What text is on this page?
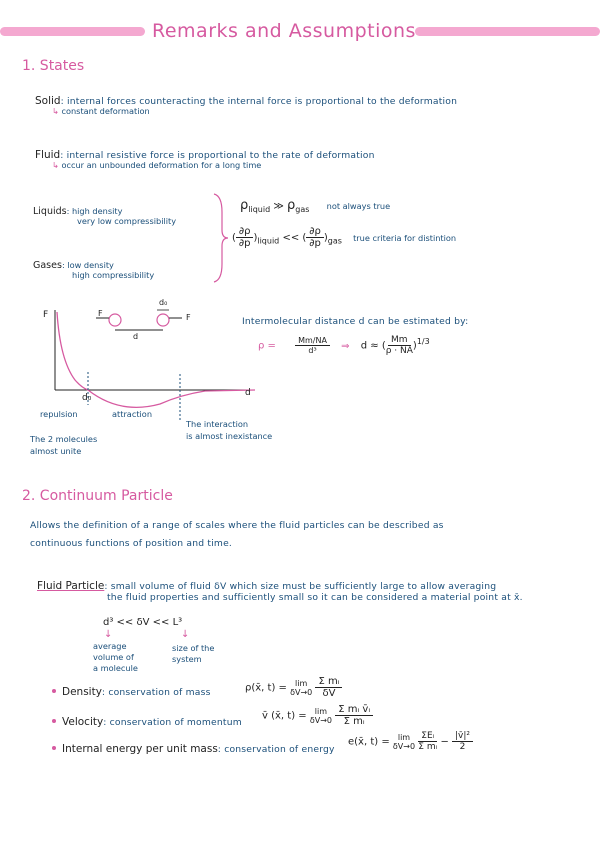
Remarks and Assumptions
1. States
Solid: internal forces counteracting the internal force is proportional to the deformation
↳ constant deformation
Fluid: internal resistive force is proportional to the rate of deformation
↳ occur an unbounded deformation for a long time
Liquids: high density
very low compressibility
Gases: low density
high compressibility
$\rho_{liquid}$ ≫ $\rho_{gas}$ not always true
( $\frac{\partial\rho}{\partial p} )_{liquid}$ << ( $\frac{\partial\rho}{\partial p} )_{gas}$ true criteria for distintion
F
d
d₀
F	F
d₀
d
repulsion	attraction
The 2 molecules
almost unite
The interaction
is almost inexistance
Intermolecular distance d can be estimated by:
$\rho = \frac{Mm/NA}{\text{d³}}$ ⇒ d ≈ ( $\frac{Mm}{\rho \cdot NA} )^{1/3}$
2. Continuum Particle
Allows the definition of a range of scales where the fluid particles can be described as
continuous functions of position and time.
Fluid Particle: small volume of fluid δV which size must be sufficiently large to allow averaging
the fluid properties and sufficiently small so it can be considered a material point at x̄.
d³ << δV << L³
↓	↓
average
volume of
a molecule
size of the
system
Density: conservation of mass	ρ(x̄, t) = lim
δV→0
$\frac{\text{Σ mᵢ}}{\delta V}$
Velocity: conservation of momentum
v̄ (x̄, t) = lim
δV→0
$\frac{\text{Σ mᵢ v̄ᵢ}}{\text{Σ mᵢ}}$
Internal energy per unit mass: conservation of energy
e(x̄, t) = lim
δV→0
$\frac{\text{ΣEᵢ}}{\text{Σ mᵢ}} - \frac{\text{|v̄|²}}{2}$
